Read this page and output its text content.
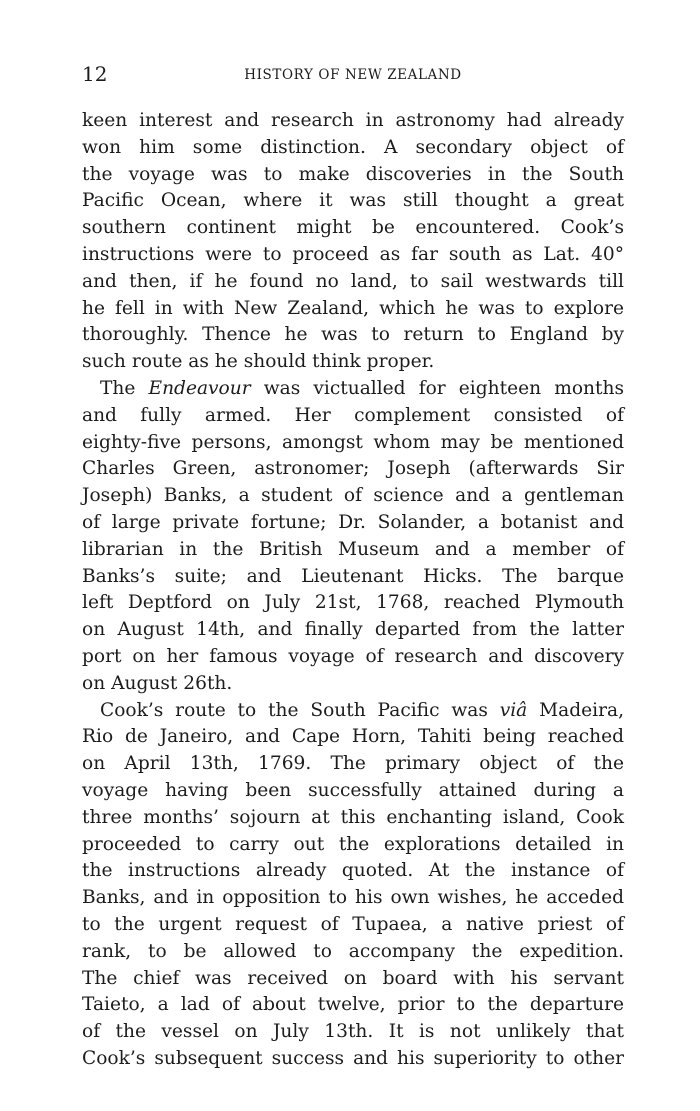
12	HISTORY OF NEW ZEALAND
keen interest and research in astronomy had already
won him some distinction. A secondary object of
the voyage was to make discoveries in the South
Pacific Ocean, where it was still thought a great
southern continent might be encountered. Cook’s
instructions were to proceed as far south as Lat. 40°
and then, if he found no land, to sail westwards till
he fell in with New Zealand, which he was to explore
thoroughly. Thence he was to return to England by
such route as he should think proper.
The Endeavour was victualled for eighteen months
and fully armed. Her complement consisted of
eighty-five persons, amongst whom may be mentioned
Charles Green, astronomer; Joseph (afterwards Sir
Joseph) Banks, a student of science and a gentleman
of large private fortune; Dr. Solander, a botanist and
librarian in the British Museum and a member of
Banks’s suite; and Lieutenant Hicks. The barque
left Deptford on July 21st, 1768, reached Plymouth
on August 14th, and finally departed from the latter
port on her famous voyage of research and discovery
on August 26th.
Cook’s route to the South Pacific was viâ Madeira,
Rio de Janeiro, and Cape Horn, Tahiti being reached
on April 13th, 1769. The primary object of the
voyage having been successfully attained during a
three months’ sojourn at this enchanting island, Cook
proceeded to carry out the explorations detailed in
the instructions already quoted. At the instance of
Banks, and in opposition to his own wishes, he acceded
to the urgent request of Tupaea, a native priest of
rank, to be allowed to accompany the expedition.
The chief was received on board with his servant
Taieto, a lad of about twelve, prior to the departure
of the vessel on July 13th. It is not unlikely that
Cook’s subsequent success and his superiority to other
